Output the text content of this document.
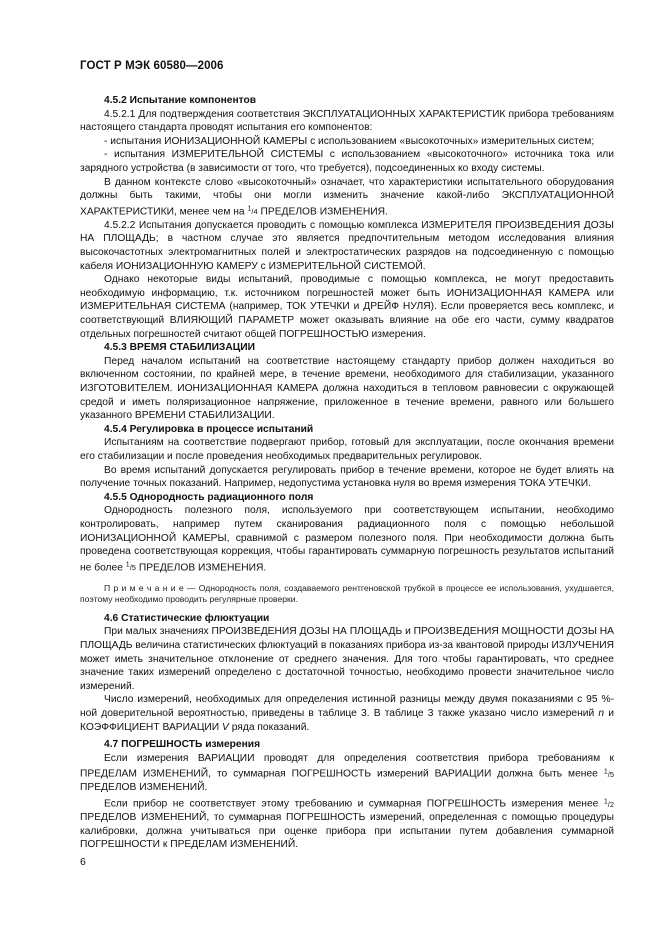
ГОСТ Р МЭК 60580—2006
4.5.2 Испытание компонентов

4.5.2.1 Для подтверждения соответствия ЭКСПЛУАТАЦИОННЫХ ХАРАКТЕРИСТИК прибора требованиям настоящего стандарта проводят испытания его компонентов:

- испытания ИОНИЗАЦИОННОЙ КАМЕРЫ с использованием «высокоточных» измерительных систем;

- испытания ИЗМЕРИТЕЛЬНОЙ СИСТЕМЫ с использованием «высокоточного» источника тока или зарядного устройства (в зависимости от того, что требуется), подсоединенных ко входу системы.

В данном контексте слово «высокоточный» означает, что характеристики испытательного оборудования должны быть такими, чтобы они могли изменить значение какой-либо ЭКСПЛУАТАЦИОННОЙ ХАРАКТЕРИСТИКИ, менее чем на 1/4 ПРЕДЕЛОВ ИЗМЕНЕНИЯ.

4.5.2.2 Испытания допускается проводить с помощью комплекса ИЗМЕРИТЕЛЯ ПРОИЗВЕДЕНИЯ ДОЗЫ НА ПЛОЩАДЬ; в частном случае это является предпочтительным методом исследования влияния высокочастотных электромагнитных полей и электростатических разрядов на подсоединенную с помощью кабеля ИОНИЗАЦИОННУЮ КАМЕРУ с ИЗМЕРИТЕЛЬНОЙ СИСТЕМОЙ.

Однако некоторые виды испытаний, проводимые с помощью комплекса, не могут предоставить необходимую информацию, т.к. источником погрешностей может быть ИОНИЗАЦИОННАЯ КАМЕРА или ИЗМЕРИТЕЛЬНАЯ СИСТЕМА (например, ТОК УТЕЧКИ и ДРЕЙФ НУЛЯ). Если проверяется весь комплекс, и соответствующий ВЛИЯЮЩИЙ ПАРАМЕТР может оказывать влияние на обе его части, сумму квадратов отдельных погрешностей считают общей ПОГРЕШНОСТЬЮ измерения.

4.5.3 ВРЕМЯ СТАБИЛИЗАЦИИ

Перед началом испытаний на соответствие настоящему стандарту прибор должен находиться во включенном состоянии, по крайней мере, в течение времени, необходимого для стабилизации, указанного ИЗГОТОВИТЕЛЕМ. ИОНИЗАЦИОННАЯ КАМЕРА должна находиться в тепловом равновесии с окружающей средой и иметь поляризационное напряжение, приложенное в течение времени, равного или большего указанного ВРЕМЕНИ СТАБИЛИЗАЦИИ.

4.5.4 Регулировка в процессе испытаний

Испытаниям на соответствие подвергают прибор, готовый для эксплуатации, после окончания времени его стабилизации и после проведения необходимых предварительных регулировок.

Во время испытаний допускается регулировать прибор в течение времени, которое не будет влиять на получение точных показаний. Например, недопустима установка нуля во время измерения ТОКА УТЕЧКИ.

4.5.5 Однородность радиационного поля

Однородность полезного поля, используемого при соответствующем испытании, необходимо контролировать, например путем сканирования радиационного поля с помощью небольшой ИОНИЗАЦИОННОЙ КАМЕРЫ, сравнимой с размером полезного поля. При необходимости должна быть проведена соответствующая коррекция, чтобы гарантировать суммарную погрешность результатов испытаний не более 1/5 ПРЕДЕЛОВ ИЗМЕНЕНИЯ.

П р и м е ч а н и е — Однородность поля, создаваемого рентгеновской трубкой в процессе ее использования, ухудшается, поэтому необходимо проводить регулярные проверки.

4.6 Статистические флюктуации

При малых значениях ПРОИЗВЕДЕНИЯ ДОЗЫ НА ПЛОЩАДЬ и ПРОИЗВЕДЕНИЯ МОЩНОСТИ ДОЗЫ НА ПЛОЩАДЬ величина статистических флюктуаций в показаниях прибора из-за квантовой природы ИЗЛУЧЕНИЯ может иметь значительное отклонение от среднего значения. Для того чтобы гарантировать, что среднее значение таких измерений определено с достаточной точностью, необходимо провести значительное число измерений.

Число измерений, необходимых для определения истинной разницы между двумя показаниями с 95 %-ной доверительной вероятностью, приведены в таблице 3. В таблице 3 также указано число измерений n и КОЭФФИЦИЕНТ ВАРИАЦИИ V ряда показаний.

4.7 ПОГРЕШНОСТЬ измерения

Если измерения ВАРИАЦИИ проводят для определения соответствия прибора требованиям к ПРЕДЕЛАМ ИЗМЕНЕНИЙ, то суммарная ПОГРЕШНОСТЬ измерений ВАРИАЦИИ должна быть менее 1/5 ПРЕДЕЛОВ ИЗМЕНЕНИЙ.

Если прибор не соответствует этому требованию и суммарная ПОГРЕШНОСТЬ измерения менее 1/2 ПРЕДЕЛОВ ИЗМЕНЕНИЙ, то суммарная ПОГРЕШНОСТЬ измерений, определенная с помощью процедуры калибровки, должна учитываться при оценке прибора при испытании путем добавления суммарной ПОГРЕШНОСТИ к ПРЕДЕЛАМ ИЗМЕНЕНИЙ.

6
